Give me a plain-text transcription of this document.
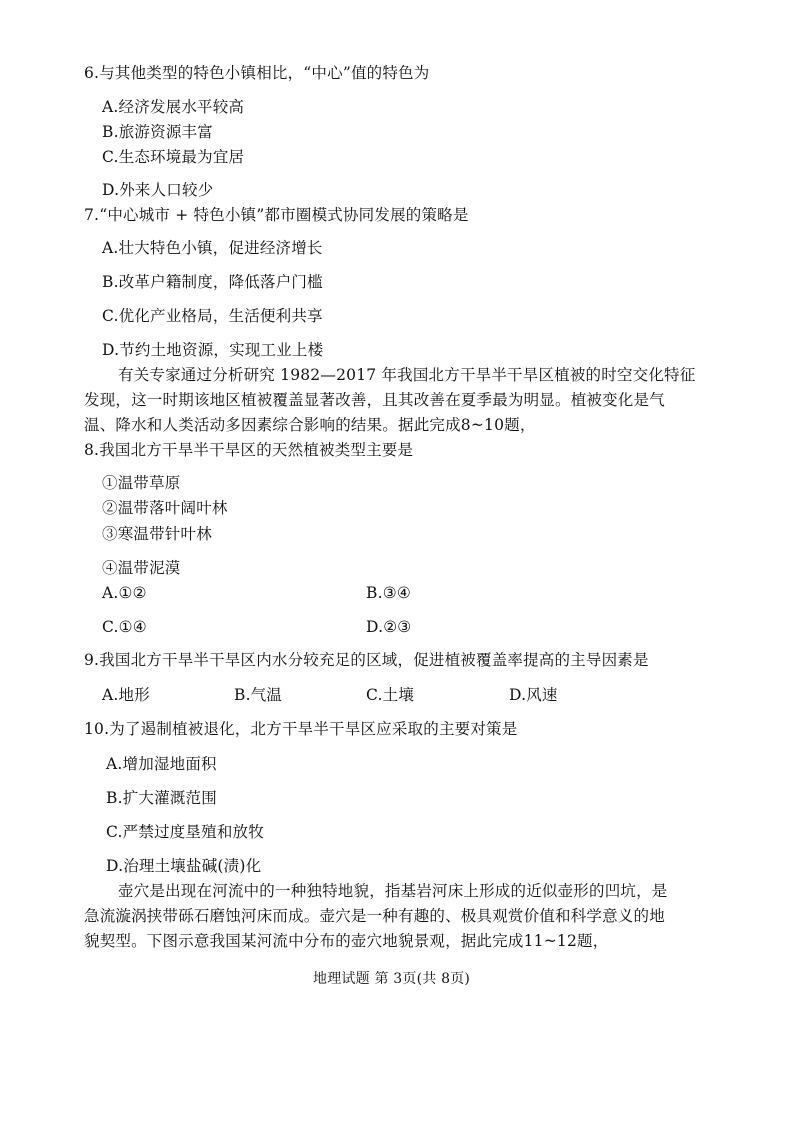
6.与其他类型的特色小镇相比，“中心”值的特色为
A.经济发展水平较高
B.旅游资源丰富
C.生态环境最为宜居
D.外来人口较少
7.“中心城市 + 特色小镇”都市圈模式协同发展的策略是
A.壮大特色小镇，促进经济增长
B.改革户籍制度，降低落户门槛
C.优化产业格局，生活便利共享
D.节约土地资源，实现工业上楼
有关专家通过分析研究 1982—2017 年我国北方干旱半干旱区植被的时空交化特征
发现，这一时期该地区植被覆盖显著改善，且其改善在夏季最为明显。植被变化是气
温、降水和人类活动多因素综合影响的结果。据此完成8~10题，
8.我国北方干旱半干旱区的天然植被类型主要是
①温带草原
②温带落叶阔叶林
③寒温带针叶林
④温带泥漠
A.①②	B.③④
C.①④	D.②③
9.我国北方干旱半干旱区内水分较充足的区域，促进植被覆盖率提高的主导因素是
A.地形	B.气温	C.土壤	D.风速
10.为了遏制植被退化，北方干旱半干旱区应采取的主要对策是
A.增加湿地面积
B.扩大灌溉范围
C.严禁过度垦殖和放牧
D.治理土壤盐碱(渍)化
壶穴是出现在河流中的一种独特地貌，指基岩河床上形成的近似壶形的凹坑，是
急流漩涡挟带砾石磨蚀河床而成。壶穴是一种有趣的、极具观赏价值和科学意义的地
貌契型。下图示意我国某河流中分布的壶穴地貌景观，据此完成11~12题，
地理试题 第 3页(共 8页)
